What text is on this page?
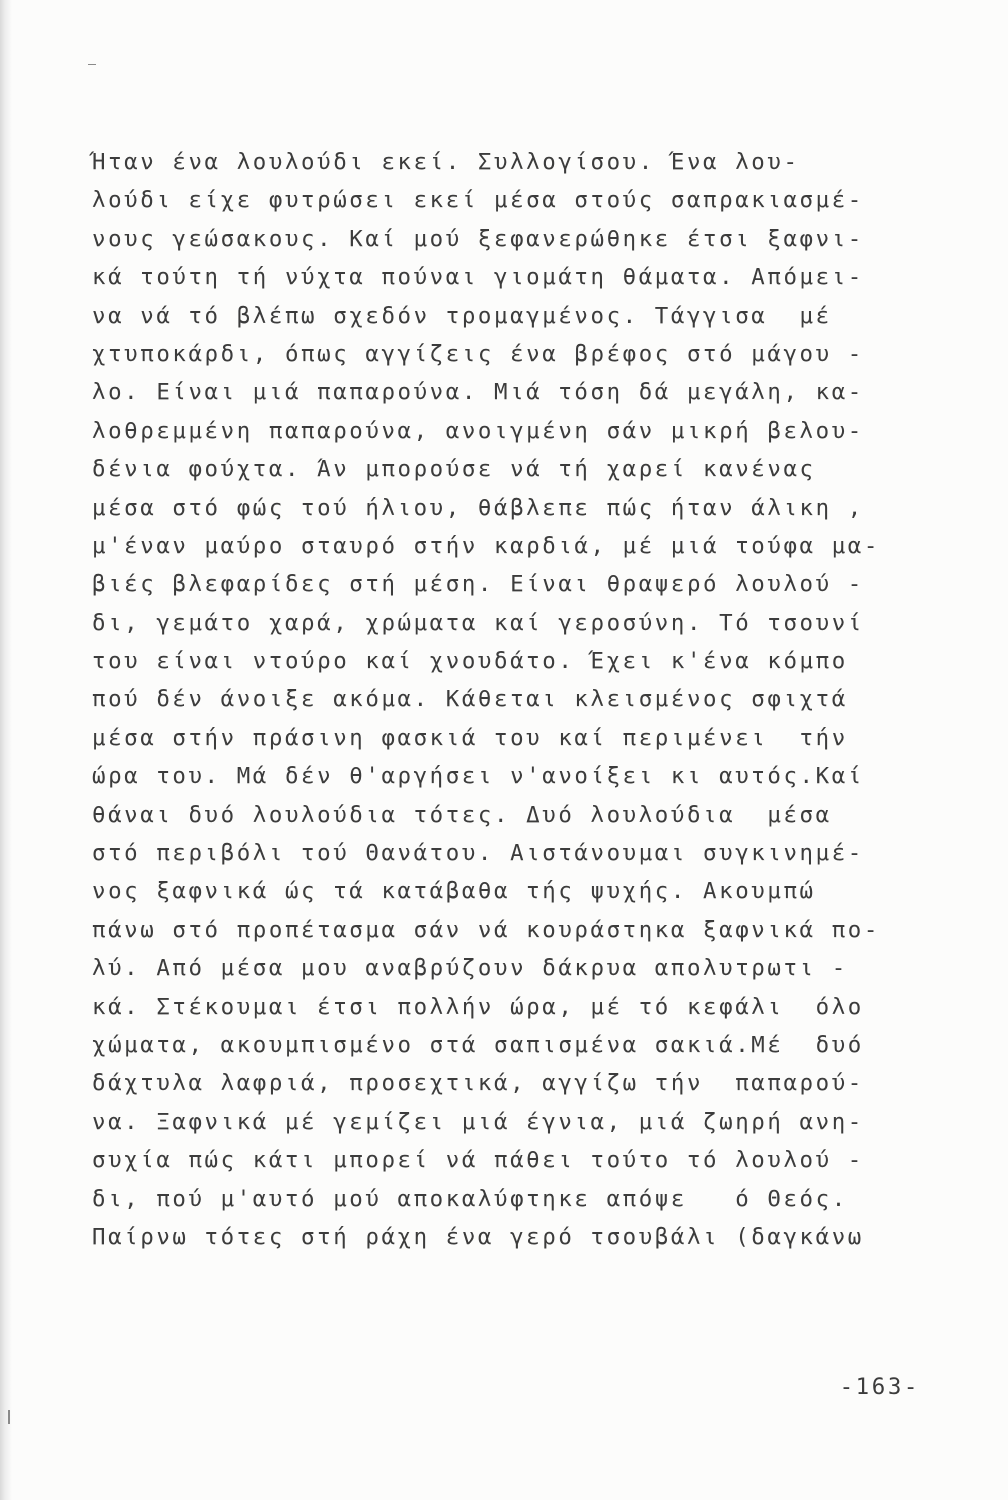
Ήταν ένα λουλούδι εκεί. Συλλογίσου. Ένα λου-
λούδι είχε φυτρώσει εκεί μέσα στούς σαπρακιασμέ-
νους γεώσακους. Καί μού ξεφανερώθηκε έτσι ξαφνι-
κά τούτη τή νύχτα πούναι γιομάτη θάματα. Απόμει-
να νά τό βλέπω σχεδόν τρομαγμένος. Τάγγισα  μέ
χτυποκάρδι, όπως αγγίζεις ένα βρέφος στό μάγου -
λο. Είναι μιά παπαρούνα. Μιά τόση δά μεγάλη, κα-
λοθρεμμένη παπαρούνα, ανοιγμένη σάν μικρή βελου-
δένια φούχτα. Άν μπορούσε νά τή χαρεί κανένας
μέσα στό φώς τού ήλιου, θάβλεπε πώς ήταν άλικη ,
μ'έναν μαύρο σταυρό στήν καρδιά, μέ μιά τούφα μα-
βιές βλεφαρίδες στή μέση. Είναι θραψερό λουλού -
δι, γεμάτο χαρά, χρώματα καί γεροσύνη. Τό τσουνί
του είναι ντούρο καί χνουδάτο. Έχει κ'ένα κόμπο
πού δέν άνοιξε ακόμα. Κάθεται κλεισμένος σφιχτά
μέσα στήν πράσινη φασκιά του καί περιμένει  τήν
ώρα του. Μά δέν θ'αργήσει ν'ανοίξει κι αυτός.Καί
θάναι δυό λουλούδια τότες. Δυό λουλούδια  μέσα
στό περιβόλι τού Θανάτου. Αιστάνουμαι συγκινημέ-
νος ξαφνικά ώς τά κατάβαθα τής ψυχής. Ακουμπώ
πάνω στό προπέτασμα σάν νά κουράστηκα ξαφνικά πο-
λύ. Από μέσα μου αναβρύζουν δάκρυα απολυτρωτι -
κά. Στέκουμαι έτσι πολλήν ώρα, μέ τό κεφάλι  όλο
χώματα, ακουμπισμένο στά σαπισμένα σακιά.Μέ  δυό
δάχτυλα λαφριά, προσεχτικά, αγγίζω τήν  παπαρού-
να. Ξαφνικά μέ γεμίζει μιά έγνια, μιά ζωηρή ανη-
συχία πώς κάτι μπορεί νά πάθει τούτο τό λουλού -
δι, πού μ'αυτό μού αποκαλύφτηκε απόψε   ό Θεός.
Παίρνω τότες στή ράχη ένα γερό τσουβάλι (δαγκάνω
-163-
